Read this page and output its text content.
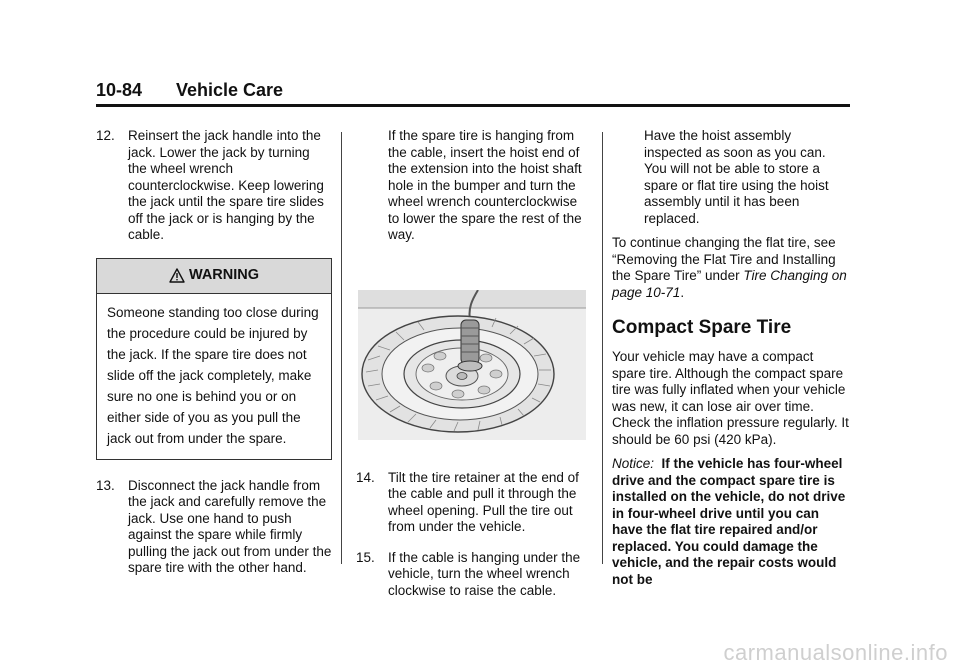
10-84 Vehicle Care
12. Reinsert the jack handle into the jack. Lower the jack by turning the wheel wrench counterclockwise. Keep lowering the jack until the spare tire slides off the jack or is hanging by the cable.
WARNING
Someone standing too close during the procedure could be injured by the jack. If the spare tire does not slide off the jack completely, make sure no one is behind you or on either side of you as you pull the jack out from under the spare.
13. Disconnect the jack handle from the jack and carefully remove the jack. Use one hand to push against the spare while firmly pulling the jack out from under the spare tire with the other hand.
If the spare tire is hanging from the cable, insert the hoist end of the extension into the hoist shaft hole in the bumper and turn the wheel wrench counterclockwise to lower the spare the rest of the way.
14. Tilt the tire retainer at the end of the cable and pull it through the wheel opening. Pull the tire out from under the vehicle.
15. If the cable is hanging under the vehicle, turn the wheel wrench clockwise to raise the cable.
Have the hoist assembly inspected as soon as you can. You will not be able to store a spare or flat tire using the hoist assembly until it has been replaced.

To continue changing the flat tire, see “Removing the Flat Tire and Installing the Spare Tire” under Tire Changing on page 10-71.

Compact Spare Tire

Your vehicle may have a compact spare tire. Although the compact spare tire was fully inflated when your vehicle was new, it can lose air over time. Check the inflation pressure regularly. It should be 60 psi (420 kPa).

Notice: If the vehicle has four-wheel drive and the compact spare tire is installed on the vehicle, do not drive in four-wheel drive until you can have the flat tire repaired and/or replaced. You could damage the vehicle, and the repair costs would not be

carmanualsonline.info
